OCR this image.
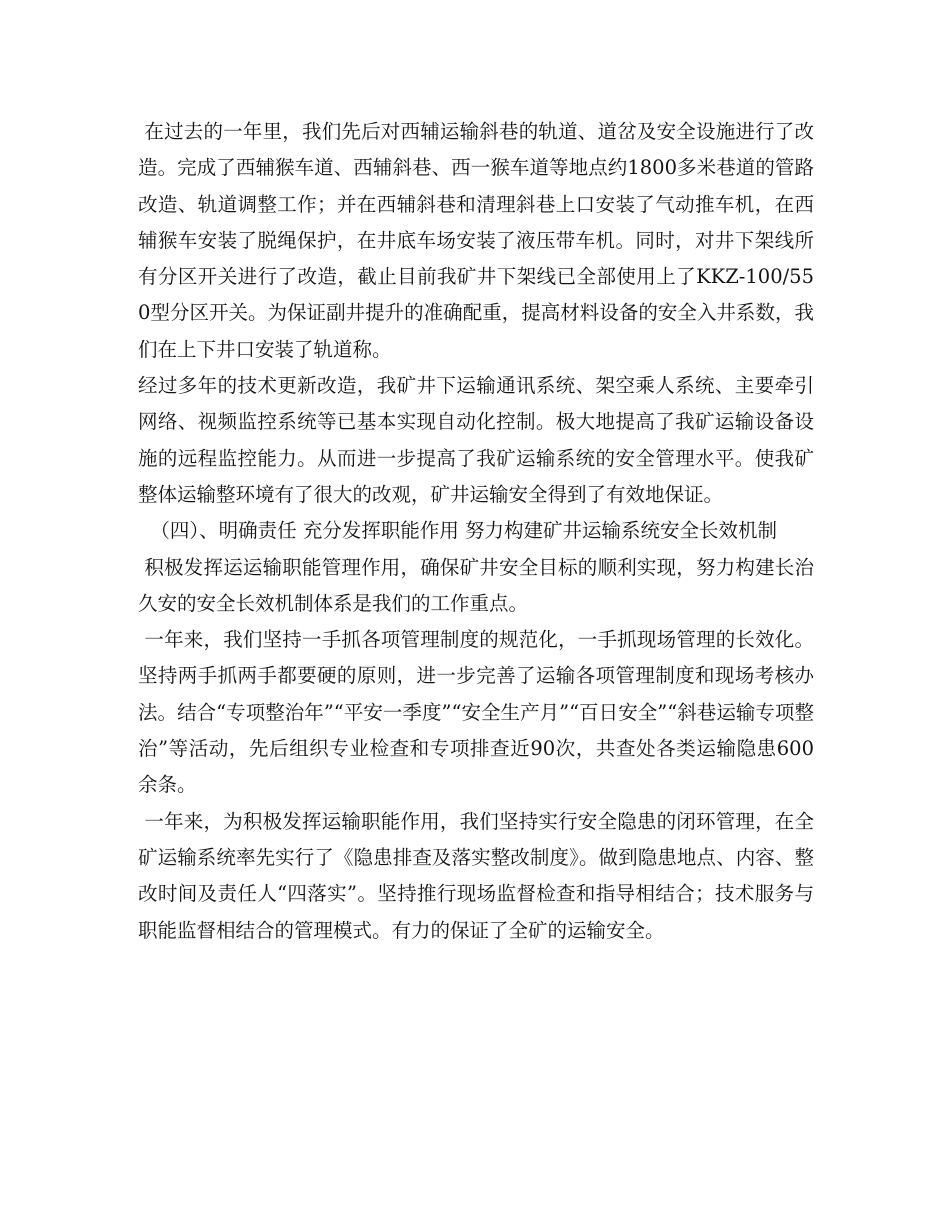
在过去的一年里，我们先后对西辅运输斜巷的轨道、道岔及安全设施进行了改造。完成了西辅猴车道、西辅斜巷、西一猴车道等地点约1800多米巷道的管路改造、轨道调整工作；并在西辅斜巷和清理斜巷上口安装了气动推车机，在西辅猴车安装了脱绳保护，在井底车场安装了液压带车机。同时，对井下架线所有分区开关进行了改造，截止目前我矿井下架线已全部使用上了KKZ-100/550型分区开关。为保证副井提升的准确配重，提高材料设备的安全入井系数，我们在上下井口安装了轨道称。

经过多年的技术更新改造，我矿井下运输通讯系统、架空乘人系统、主要牵引网络、视频监控系统等已基本实现自动化控制。极大地提高了我矿运输设备设施的远程监控能力。从而进一步提高了我矿运输系统的安全管理水平。使我矿整体运输整环境有了很大的改观，矿井运输安全得到了有效地保证。

（四）、明确责任 充分发挥职能作用 努力构建矿井运输系统安全长效机制

积极发挥运运输职能管理作用，确保矿井安全目标的顺利实现，努力构建长治久安的安全长效机制体系是我们的工作重点。

一年来，我们坚持一手抓各项管理制度的规范化，一手抓现场管理的长效化。坚持两手抓两手都要硬的原则，进一步完善了运输各项管理制度和现场考核办法。结合“专项整治年”“平安一季度”“安全生产月”“百日安全”“斜巷运输专项整治”等活动，先后组织专业检查和专项排查近90次，共查处各类运输隐患600余条。

一年来，为积极发挥运输职能作用，我们坚持实行安全隐患的闭环管理，在全矿运输系统率先实行了《隐患排查及落实整改制度》。做到隐患地点、内容、整改时间及责任人“四落实”。坚持推行现场监督检查和指导相结合；技术服务与职能监督相结合的管理模式。有力的保证了全矿的运输安全。
